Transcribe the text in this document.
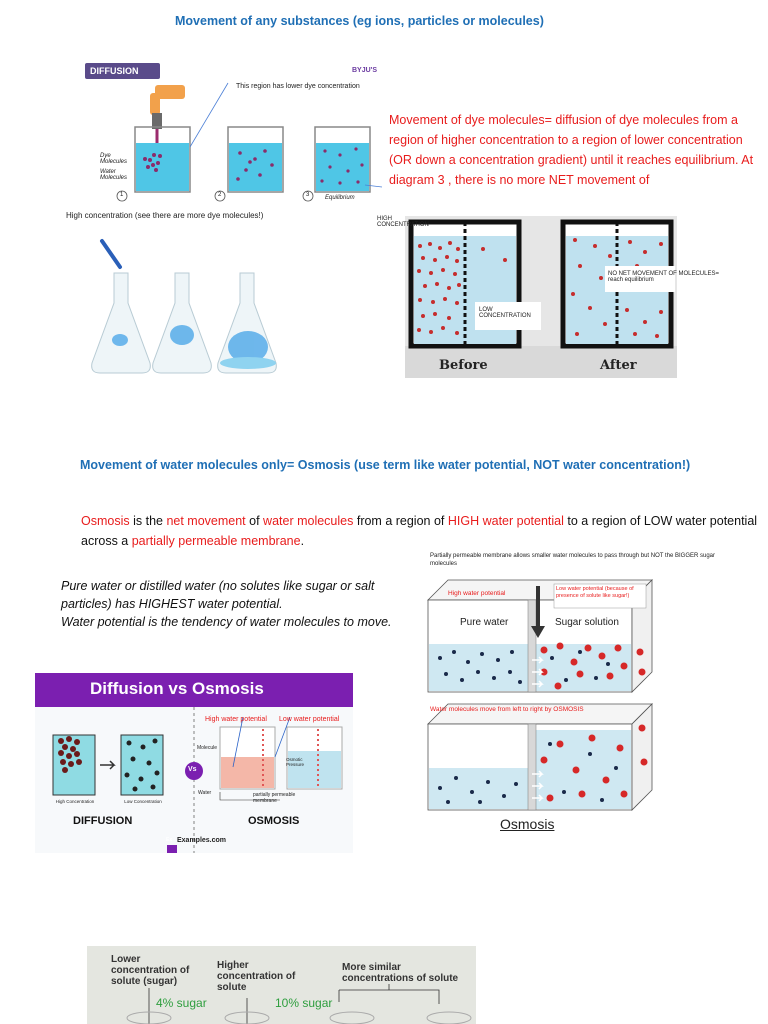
Movement of any substances (eg ions, particles or molecules)
DIFFUSION	BYJU'S
This region has lower dye concentration
Dye Molecules
Water Molecules
1	2	3	Equilibrium
High concentration (see there are more dye molecules!)
Movement of dye molecules= diffusion of dye molecules from a region of higher concentration to a region of lower concentration (OR down a concentration gradient) until it reaches equilibrium. At diagram 3 , there is no more NET movement of
HIGH CONCENTRATION
LOW CONCENTRATION
NO NET MOVEMENT OF MOLECULES= reach equilibrium
Before	After
Movement of water molecules only= Osmosis (use term like water potential, NOT water concentration!)
Osmosis is the net movement of water molecules from a region of HIGH water potential to a region of LOW water potential across a partially permeable membrane.
Pure water or distilled water (no solutes like sugar or salt particles) has HIGHEST water potential.
Water potential is the tendency of water molecules to move.
Partially permeable membrane allows smaller water molecules to pass through but NOT the BIGGER sugar molecules
High water potential
Low water potential (because of presence of solute like sugar!)
Pure water	Sugar solution
Water molecules move from left to right by OSMOSIS
Osmosis
Diffusion vs Osmosis
High water potential Low water potential
Molecule
Water
Osmotic Pressure
partially permeable membrane
High Concentration	Low Concentration
Vs
DIFFUSION	OSMOSIS
Ex Examples.com
Lower concentration of solute (sugar)
Higher concentration of solute
More similar concentrations of solute
4% sugar	10% sugar
